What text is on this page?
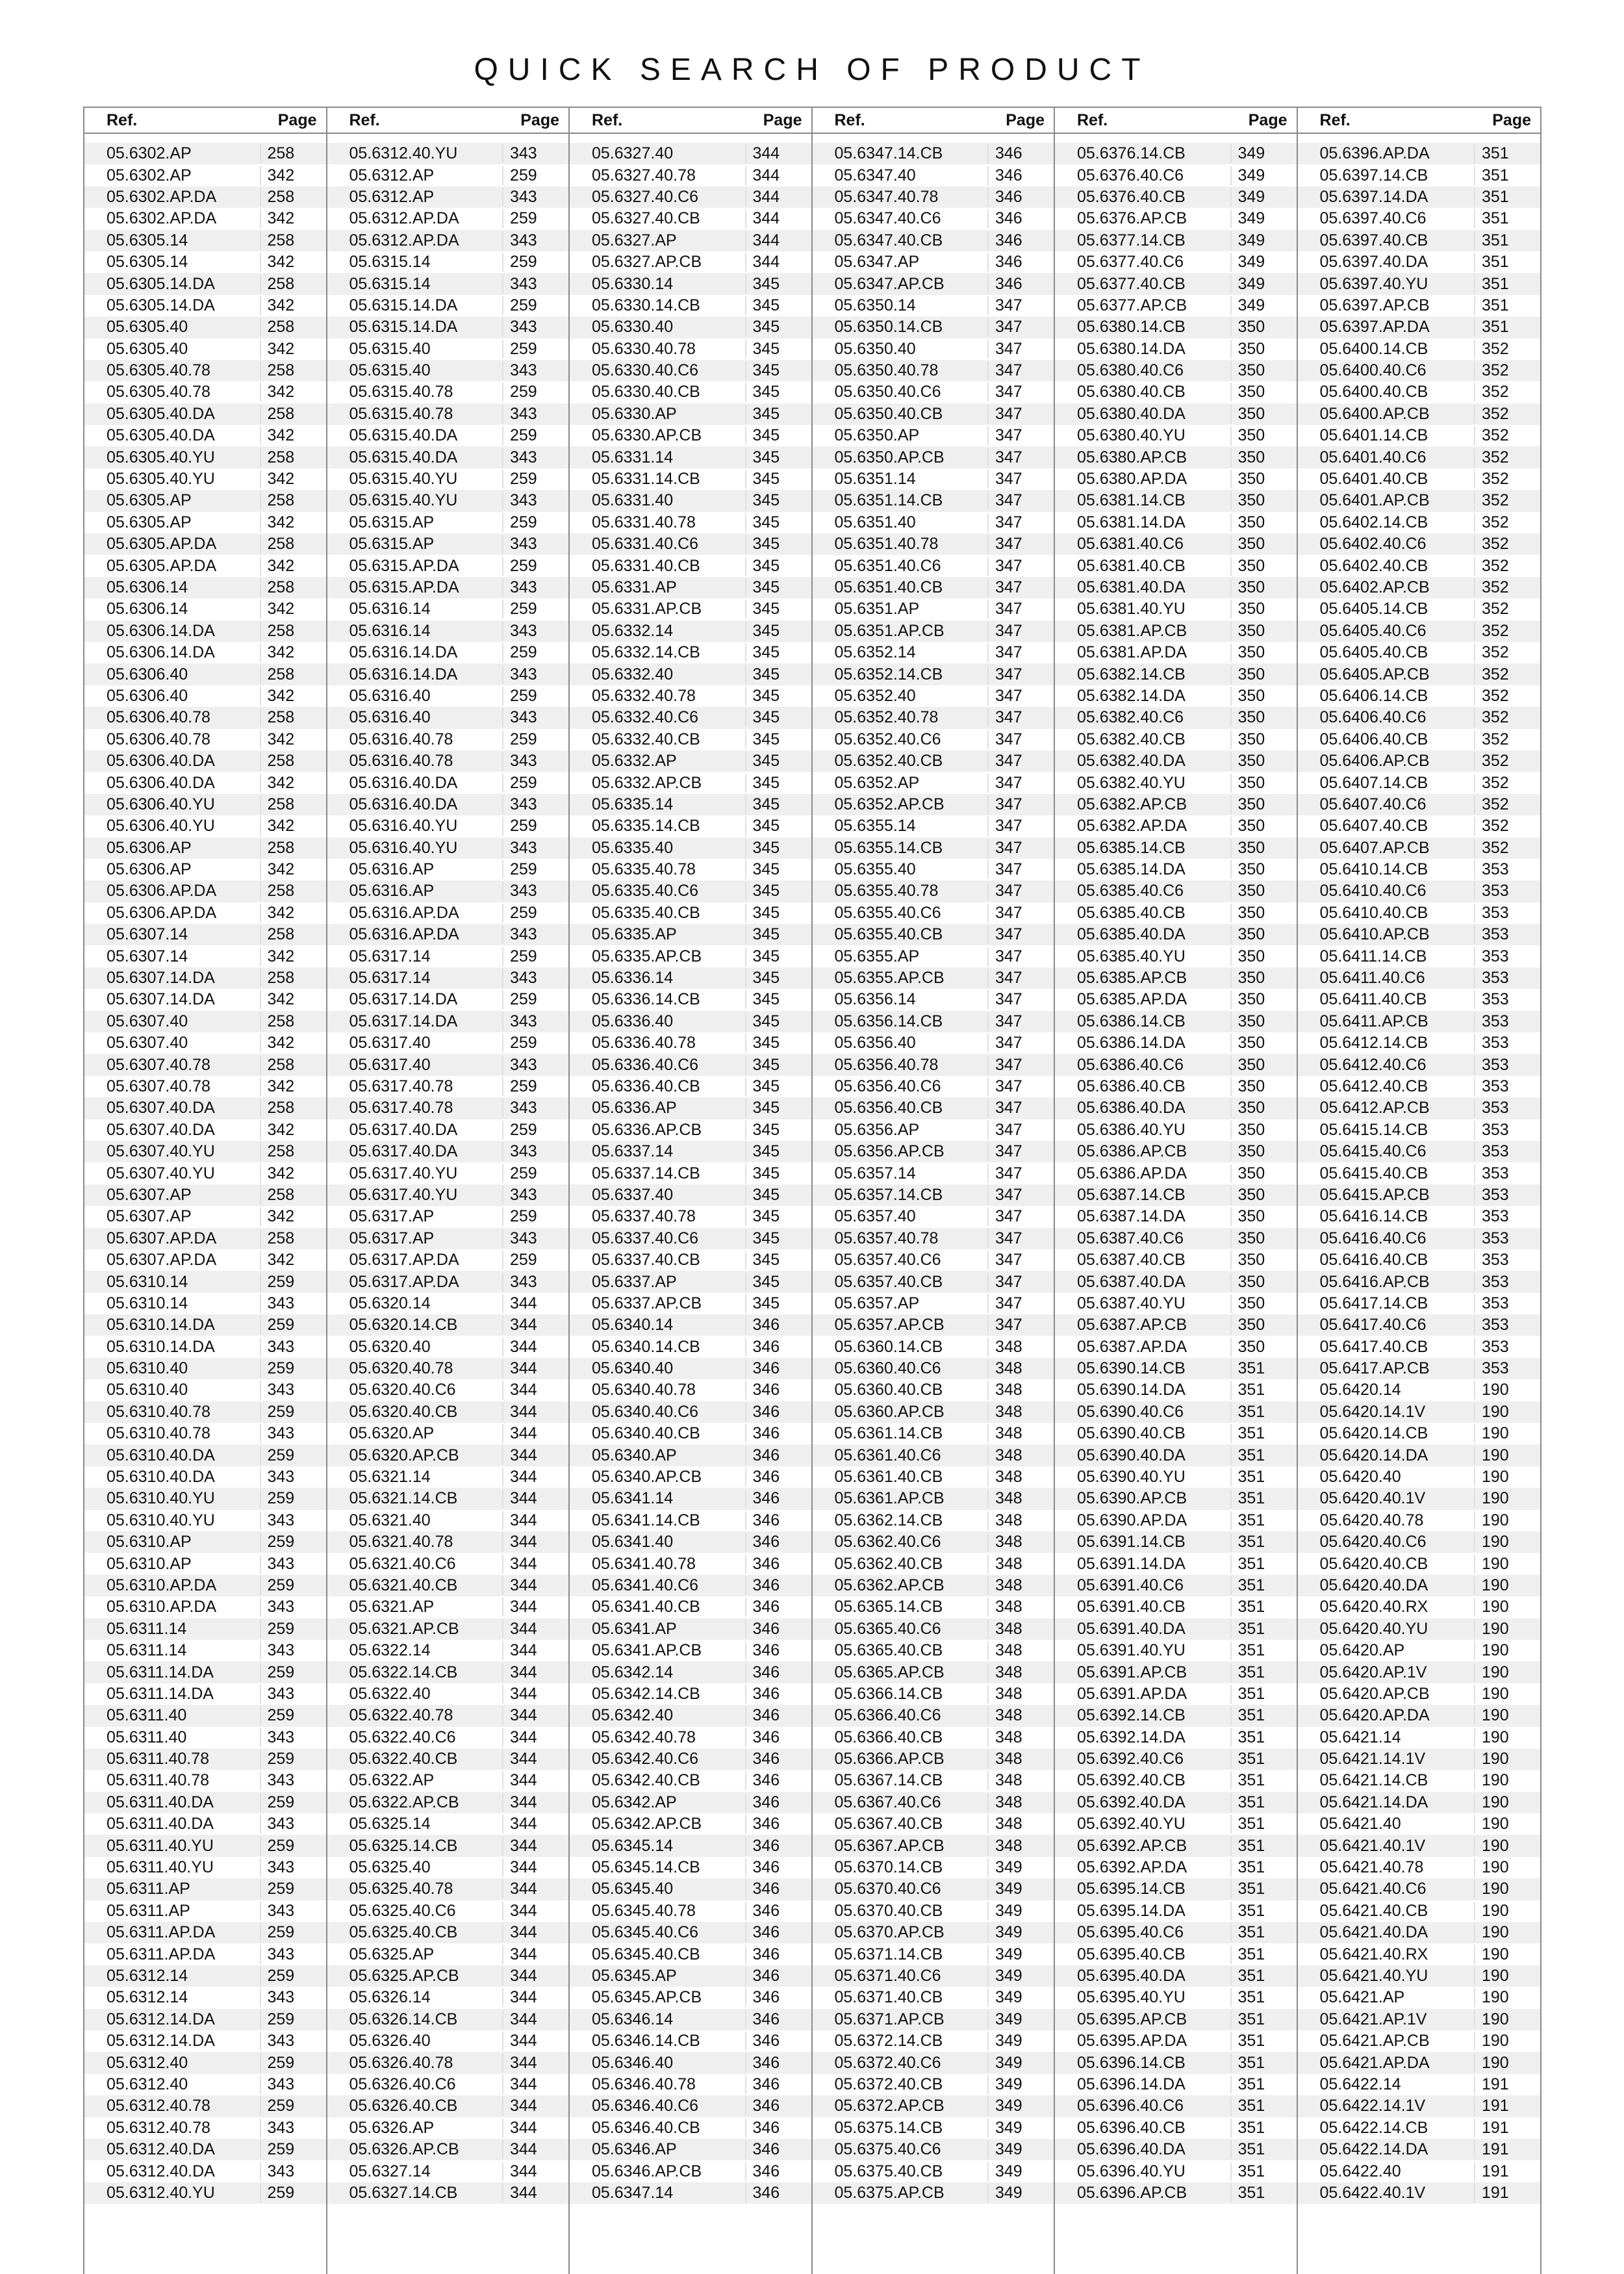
QUICK SEARCH OF PRODUCT
Ref.	Page
05.6302.AP	258
05.6302.AP	342
05.6302.AP.DA	258
05.6302.AP.DA	342
05.6305.14	258
05.6305.14	342
05.6305.14.DA	258
05.6305.14.DA	342
05.6305.40	258
05.6305.40	342
05.6305.40.78	258
05.6305.40.78	342
05.6305.40.DA	258
05.6305.40.DA	342
05.6305.40.YU	258
05.6305.40.YU	342
05.6305.AP	258
05.6305.AP	342
05.6305.AP.DA	258
05.6305.AP.DA	342
05.6306.14	258
05.6306.14	342
05.6306.14.DA	258
05.6306.14.DA	342
05.6306.40	258
05.6306.40	342
05.6306.40.78	258
05.6306.40.78	342
05.6306.40.DA	258
05.6306.40.DA	342
05.6306.40.YU	258
05.6306.40.YU	342
05.6306.AP	258
05.6306.AP	342
05.6306.AP.DA	258
05.6306.AP.DA	342
05.6307.14	258
05.6307.14	342
05.6307.14.DA	258
05.6307.14.DA	342
05.6307.40	258
05.6307.40	342
05.6307.40.78	258
05.6307.40.78	342
05.6307.40.DA	258
05.6307.40.DA	342
05.6307.40.YU	258
05.6307.40.YU	342
05.6307.AP	258
05.6307.AP	342
05.6307.AP.DA	258
05.6307.AP.DA	342
05.6310.14	259
05.6310.14	343
05.6310.14.DA	259
05.6310.14.DA	343
05.6310.40	259
05.6310.40	343
05.6310.40.78	259
05.6310.40.78	343
05.6310.40.DA	259
05.6310.40.DA	343
05.6310.40.YU	259
05.6310.40.YU	343
05.6310.AP	259
05.6310.AP	343
05.6310.AP.DA	259
05.6310.AP.DA	343
05.6311.14	259
05.6311.14	343
05.6311.14.DA	259
05.6311.14.DA	343
05.6311.40	259
05.6311.40	343
05.6311.40.78	259
05.6311.40.78	343
05.6311.40.DA	259
05.6311.40.DA	343
05.6311.40.YU	259
05.6311.40.YU	343
05.6311.AP	259
05.6311.AP	343
05.6311.AP.DA	259
05.6311.AP.DA	343
05.6312.14	259
05.6312.14	343
05.6312.14.DA	259
05.6312.14.DA	343
05.6312.40	259
05.6312.40	343
05.6312.40.78	259
05.6312.40.78	343
05.6312.40.DA	259
05.6312.40.DA	343
05.6312.40.YU	259
Ref.	Page
05.6312.40.YU	343
05.6312.AP	259
05.6312.AP	343
05.6312.AP.DA	259
05.6312.AP.DA	343
05.6315.14	259
05.6315.14	343
05.6315.14.DA	259
05.6315.14.DA	343
05.6315.40	259
05.6315.40	343
05.6315.40.78	259
05.6315.40.78	343
05.6315.40.DA	259
05.6315.40.DA	343
05.6315.40.YU	259
05.6315.40.YU	343
05.6315.AP	259
05.6315.AP	343
05.6315.AP.DA	259
05.6315.AP.DA	343
05.6316.14	259
05.6316.14	343
05.6316.14.DA	259
05.6316.14.DA	343
05.6316.40	259
05.6316.40	343
05.6316.40.78	259
05.6316.40.78	343
05.6316.40.DA	259
05.6316.40.DA	343
05.6316.40.YU	259
05.6316.40.YU	343
05.6316.AP	259
05.6316.AP	343
05.6316.AP.DA	259
05.6316.AP.DA	343
05.6317.14	259
05.6317.14	343
05.6317.14.DA	259
05.6317.14.DA	343
05.6317.40	259
05.6317.40	343
05.6317.40.78	259
05.6317.40.78	343
05.6317.40.DA	259
05.6317.40.DA	343
05.6317.40.YU	259
05.6317.40.YU	343
05.6317.AP	259
05.6317.AP	343
05.6317.AP.DA	259
05.6317.AP.DA	343
05.6320.14	344
05.6320.14.CB	344
05.6320.40	344
05.6320.40.78	344
05.6320.40.C6	344
05.6320.40.CB	344
05.6320.AP	344
05.6320.AP.CB	344
05.6321.14	344
05.6321.14.CB	344
05.6321.40	344
05.6321.40.78	344
05.6321.40.C6	344
05.6321.40.CB	344
05.6321.AP	344
05.6321.AP.CB	344
05.6322.14	344
05.6322.14.CB	344
05.6322.40	344
05.6322.40.78	344
05.6322.40.C6	344
05.6322.40.CB	344
05.6322.AP	344
05.6322.AP.CB	344
05.6325.14	344
05.6325.14.CB	344
05.6325.40	344
05.6325.40.78	344
05.6325.40.C6	344
05.6325.40.CB	344
05.6325.AP	344
05.6325.AP.CB	344
05.6326.14	344
05.6326.14.CB	344
05.6326.40	344
05.6326.40.78	344
05.6326.40.C6	344
05.6326.40.CB	344
05.6326.AP	344
05.6326.AP.CB	344
05.6327.14	344
05.6327.14.CB	344
Ref.	Page
05.6327.40	344
05.6327.40.78	344
05.6327.40.C6	344
05.6327.40.CB	344
05.6327.AP	344
05.6327.AP.CB	344
05.6330.14	345
05.6330.14.CB	345
05.6330.40	345
05.6330.40.78	345
05.6330.40.C6	345
05.6330.40.CB	345
05.6330.AP	345
05.6330.AP.CB	345
05.6331.14	345
05.6331.14.CB	345
05.6331.40	345
05.6331.40.78	345
05.6331.40.C6	345
05.6331.40.CB	345
05.6331.AP	345
05.6331.AP.CB	345
05.6332.14	345
05.6332.14.CB	345
05.6332.40	345
05.6332.40.78	345
05.6332.40.C6	345
05.6332.40.CB	345
05.6332.AP	345
05.6332.AP.CB	345
05.6335.14	345
05.6335.14.CB	345
05.6335.40	345
05.6335.40.78	345
05.6335.40.C6	345
05.6335.40.CB	345
05.6335.AP	345
05.6335.AP.CB	345
05.6336.14	345
05.6336.14.CB	345
05.6336.40	345
05.6336.40.78	345
05.6336.40.C6	345
05.6336.40.CB	345
05.6336.AP	345
05.6336.AP.CB	345
05.6337.14	345
05.6337.14.CB	345
05.6337.40	345
05.6337.40.78	345
05.6337.40.C6	345
05.6337.40.CB	345
05.6337.AP	345
05.6337.AP.CB	345
05.6340.14	346
05.6340.14.CB	346
05.6340.40	346
05.6340.40.78	346
05.6340.40.C6	346
05.6340.40.CB	346
05.6340.AP	346
05.6340.AP.CB	346
05.6341.14	346
05.6341.14.CB	346
05.6341.40	346
05.6341.40.78	346
05.6341.40.C6	346
05.6341.40.CB	346
05.6341.AP	346
05.6341.AP.CB	346
05.6342.14	346
05.6342.14.CB	346
05.6342.40	346
05.6342.40.78	346
05.6342.40.C6	346
05.6342.40.CB	346
05.6342.AP	346
05.6342.AP.CB	346
05.6345.14	346
05.6345.14.CB	346
05.6345.40	346
05.6345.40.78	346
05.6345.40.C6	346
05.6345.40.CB	346
05.6345.AP	346
05.6345.AP.CB	346
05.6346.14	346
05.6346.14.CB	346
05.6346.40	346
05.6346.40.78	346
05.6346.40.C6	346
05.6346.40.CB	346
05.6346.AP	346
05.6346.AP.CB	346
05.6347.14	346
Ref.	Page
05.6347.14.CB	346
05.6347.40	346
05.6347.40.78	346
05.6347.40.C6	346
05.6347.40.CB	346
05.6347.AP	346
05.6347.AP.CB	346
05.6350.14	347
05.6350.14.CB	347
05.6350.40	347
05.6350.40.78	347
05.6350.40.C6	347
05.6350.40.CB	347
05.6350.AP	347
05.6350.AP.CB	347
05.6351.14	347
05.6351.14.CB	347
05.6351.40	347
05.6351.40.78	347
05.6351.40.C6	347
05.6351.40.CB	347
05.6351.AP	347
05.6351.AP.CB	347
05.6352.14	347
05.6352.14.CB	347
05.6352.40	347
05.6352.40.78	347
05.6352.40.C6	347
05.6352.40.CB	347
05.6352.AP	347
05.6352.AP.CB	347
05.6355.14	347
05.6355.14.CB	347
05.6355.40	347
05.6355.40.78	347
05.6355.40.C6	347
05.6355.40.CB	347
05.6355.AP	347
05.6355.AP.CB	347
05.6356.14	347
05.6356.14.CB	347
05.6356.40	347
05.6356.40.78	347
05.6356.40.C6	347
05.6356.40.CB	347
05.6356.AP	347
05.6356.AP.CB	347
05.6357.14	347
05.6357.14.CB	347
05.6357.40	347
05.6357.40.78	347
05.6357.40.C6	347
05.6357.40.CB	347
05.6357.AP	347
05.6357.AP.CB	347
05.6360.14.CB	348
05.6360.40.C6	348
05.6360.40.CB	348
05.6360.AP.CB	348
05.6361.14.CB	348
05.6361.40.C6	348
05.6361.40.CB	348
05.6361.AP.CB	348
05.6362.14.CB	348
05.6362.40.C6	348
05.6362.40.CB	348
05.6362.AP.CB	348
05.6365.14.CB	348
05.6365.40.C6	348
05.6365.40.CB	348
05.6365.AP.CB	348
05.6366.14.CB	348
05.6366.40.C6	348
05.6366.40.CB	348
05.6366.AP.CB	348
05.6367.14.CB	348
05.6367.40.C6	348
05.6367.40.CB	348
05.6367.AP.CB	348
05.6370.14.CB	349
05.6370.40.C6	349
05.6370.40.CB	349
05.6370.AP.CB	349
05.6371.14.CB	349
05.6371.40.C6	349
05.6371.40.CB	349
05.6371.AP.CB	349
05.6372.14.CB	349
05.6372.40.C6	349
05.6372.40.CB	349
05.6372.AP.CB	349
05.6375.14.CB	349
05.6375.40.C6	349
05.6375.40.CB	349
05.6375.AP.CB	349
Ref.	Page
05.6376.14.CB	349
05.6376.40.C6	349
05.6376.40.CB	349
05.6376.AP.CB	349
05.6377.14.CB	349
05.6377.40.C6	349
05.6377.40.CB	349
05.6377.AP.CB	349
05.6380.14.CB	350
05.6380.14.DA	350
05.6380.40.C6	350
05.6380.40.CB	350
05.6380.40.DA	350
05.6380.40.YU	350
05.6380.AP.CB	350
05.6380.AP.DA	350
05.6381.14.CB	350
05.6381.14.DA	350
05.6381.40.C6	350
05.6381.40.CB	350
05.6381.40.DA	350
05.6381.40.YU	350
05.6381.AP.CB	350
05.6381.AP.DA	350
05.6382.14.CB	350
05.6382.14.DA	350
05.6382.40.C6	350
05.6382.40.CB	350
05.6382.40.DA	350
05.6382.40.YU	350
05.6382.AP.CB	350
05.6382.AP.DA	350
05.6385.14.CB	350
05.6385.14.DA	350
05.6385.40.C6	350
05.6385.40.CB	350
05.6385.40.DA	350
05.6385.40.YU	350
05.6385.AP.CB	350
05.6385.AP.DA	350
05.6386.14.CB	350
05.6386.14.DA	350
05.6386.40.C6	350
05.6386.40.CB	350
05.6386.40.DA	350
05.6386.40.YU	350
05.6386.AP.CB	350
05.6386.AP.DA	350
05.6387.14.CB	350
05.6387.14.DA	350
05.6387.40.C6	350
05.6387.40.CB	350
05.6387.40.DA	350
05.6387.40.YU	350
05.6387.AP.CB	350
05.6387.AP.DA	350
05.6390.14.CB	351
05.6390.14.DA	351
05.6390.40.C6	351
05.6390.40.CB	351
05.6390.40.DA	351
05.6390.40.YU	351
05.6390.AP.CB	351
05.6390.AP.DA	351
05.6391.14.CB	351
05.6391.14.DA	351
05.6391.40.C6	351
05.6391.40.CB	351
05.6391.40.DA	351
05.6391.40.YU	351
05.6391.AP.CB	351
05.6391.AP.DA	351
05.6392.14.CB	351
05.6392.14.DA	351
05.6392.40.C6	351
05.6392.40.CB	351
05.6392.40.DA	351
05.6392.40.YU	351
05.6392.AP.CB	351
05.6392.AP.DA	351
05.6395.14.CB	351
05.6395.14.DA	351
05.6395.40.C6	351
05.6395.40.CB	351
05.6395.40.DA	351
05.6395.40.YU	351
05.6395.AP.CB	351
05.6395.AP.DA	351
05.6396.14.CB	351
05.6396.14.DA	351
05.6396.40.C6	351
05.6396.40.CB	351
05.6396.40.DA	351
05.6396.40.YU	351
05.6396.AP.CB	351
Ref.	Page
05.6396.AP.DA	351
05.6397.14.CB	351
05.6397.14.DA	351
05.6397.40.C6	351
05.6397.40.CB	351
05.6397.40.DA	351
05.6397.40.YU	351
05.6397.AP.CB	351
05.6397.AP.DA	351
05.6400.14.CB	352
05.6400.40.C6	352
05.6400.40.CB	352
05.6400.AP.CB	352
05.6401.14.CB	352
05.6401.40.C6	352
05.6401.40.CB	352
05.6401.AP.CB	352
05.6402.14.CB	352
05.6402.40.C6	352
05.6402.40.CB	352
05.6402.AP.CB	352
05.6405.14.CB	352
05.6405.40.C6	352
05.6405.40.CB	352
05.6405.AP.CB	352
05.6406.14.CB	352
05.6406.40.C6	352
05.6406.40.CB	352
05.6406.AP.CB	352
05.6407.14.CB	352
05.6407.40.C6	352
05.6407.40.CB	352
05.6407.AP.CB	352
05.6410.14.CB	353
05.6410.40.C6	353
05.6410.40.CB	353
05.6410.AP.CB	353
05.6411.14.CB	353
05.6411.40.C6	353
05.6411.40.CB	353
05.6411.AP.CB	353
05.6412.14.CB	353
05.6412.40.C6	353
05.6412.40.CB	353
05.6412.AP.CB	353
05.6415.14.CB	353
05.6415.40.C6	353
05.6415.40.CB	353
05.6415.AP.CB	353
05.6416.14.CB	353
05.6416.40.C6	353
05.6416.40.CB	353
05.6416.AP.CB	353
05.6417.14.CB	353
05.6417.40.C6	353
05.6417.40.CB	353
05.6417.AP.CB	353
05.6420.14	190
05.6420.14.1V	190
05.6420.14.CB	190
05.6420.14.DA	190
05.6420.40	190
05.6420.40.1V	190
05.6420.40.78	190
05.6420.40.C6	190
05.6420.40.CB	190
05.6420.40.DA	190
05.6420.40.RX	190
05.6420.40.YU	190
05.6420.AP	190
05.6420.AP.1V	190
05.6420.AP.CB	190
05.6420.AP.DA	190
05.6421.14	190
05.6421.14.1V	190
05.6421.14.CB	190
05.6421.14.DA	190
05.6421.40	190
05.6421.40.1V	190
05.6421.40.78	190
05.6421.40.C6	190
05.6421.40.CB	190
05.6421.40.DA	190
05.6421.40.RX	190
05.6421.40.YU	190
05.6421.AP	190
05.6421.AP.1V	190
05.6421.AP.CB	190
05.6421.AP.DA	190
05.6422.14	191
05.6422.14.1V	191
05.6422.14.CB	191
05.6422.14.DA	191
05.6422.40	191
05.6422.40.1V	191
